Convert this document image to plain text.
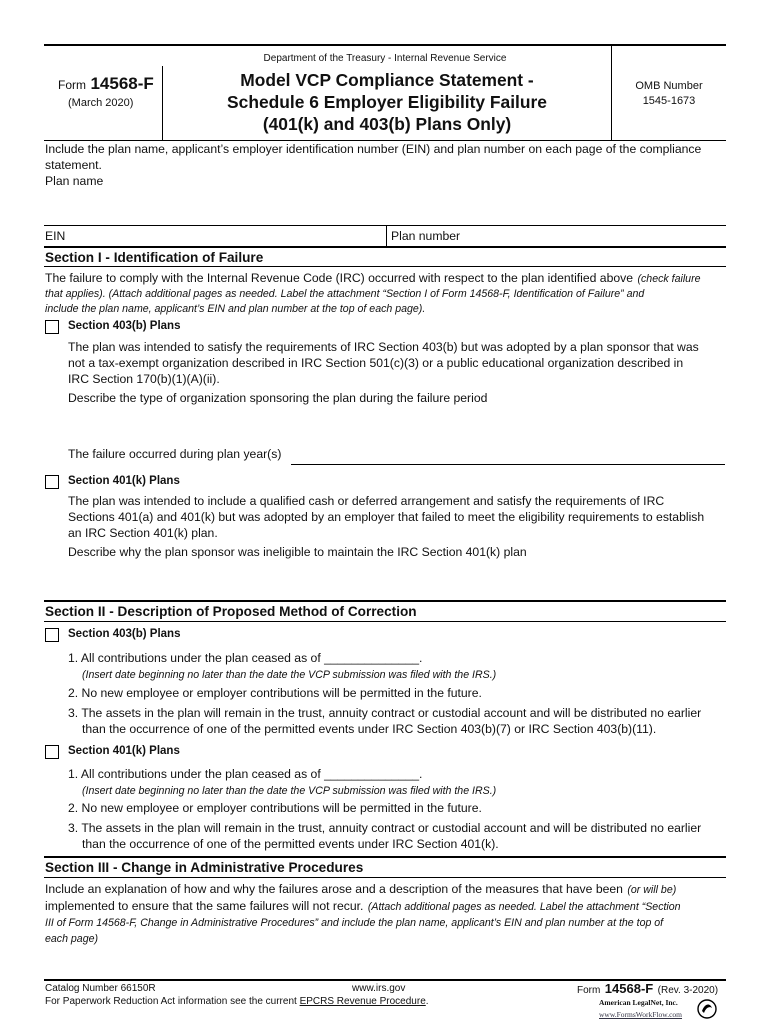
Department of the Treasury - Internal Revenue Service
Form 14568-F
(March 2020)
Model VCP Compliance Statement -
Schedule 6 Employer Eligibility Failure
(401(k) and 403(b) Plans Only)
OMB Number
1545-1673
Include the plan name, applicant’s employer identification number (EIN) and plan number on each page of the compliance
statement.
Plan name
EIN	Plan number
Section I - Identification of Failure
The failure to comply with the Internal Revenue Code (IRC) occurred with respect to the plan identified above (check failure
that applies). (Attach additional pages as needed. Label the attachment “Section I of Form 14568-F, Identification of Failure” and
include the plan name, applicant’s EIN and plan number at the top of each page).
Section 403(b) Plans
The plan was intended to satisfy the requirements of IRC Section 403(b) but was adopted by a plan sponsor that was
not a tax-exempt organization described in IRC Section 501(c)(3) or a public educational organization described in
IRC Section 170(b)(1)(A)(ii).
Describe the type of organization sponsoring the plan during the failure period
The failure occurred during plan year(s)
Section 401(k) Plans
The plan was intended to include a qualified cash or deferred arrangement and satisfy the requirements of IRC
Sections 401(a) and 401(k) but was adopted by an employer that failed to meet the eligibility requirements to establish
an IRC Section 401(k) plan.
Describe why the plan sponsor was ineligible to maintain the IRC Section 401(k) plan
Section II - Description of Proposed Method of Correction
Section 403(b) Plans
1. All contributions under the plan ceased as of ______________.
(Insert date beginning no later than the date the VCP submission was filed with the IRS.)
2. No new employee or employer contributions will be permitted in the future.
3. The assets in the plan will remain in the trust, annuity contract or custodial account and will be distributed no earlier
than the occurrence of one of the permitted events under IRC Section 403(b)(7) or IRC Section 403(b)(11).
Section 401(k) Plans
1. All contributions under the plan ceased as of ______________.
(Insert date beginning no later than the date the VCP submission was filed with the IRS.)
2. No new employee or employer contributions will be permitted in the future.
3. The assets in the plan will remain in the trust, annuity contract or custodial account and will be distributed no earlier
than the occurrence of one of the permitted events under IRC Section 401(k).
Section III - Change in Administrative Procedures
Include an explanation of how and why the failures arose and a description of the measures that have been (or will be)
implemented to ensure that the same failures will not recur. (Attach additional pages as needed. Label the attachment “Section
III of Form 14568-F, Change in Administrative Procedures” and include the plan name, applicant’s EIN and plan number at the top of
each page)
Catalog Number 66150R	www.irs.gov	Form 14568-F (Rev. 3-2020)
For Paperwork Reduction Act information see the current EPCRS Revenue Procedure.	American LegalNet, Inc.
www.FormsWorkFlow.com
